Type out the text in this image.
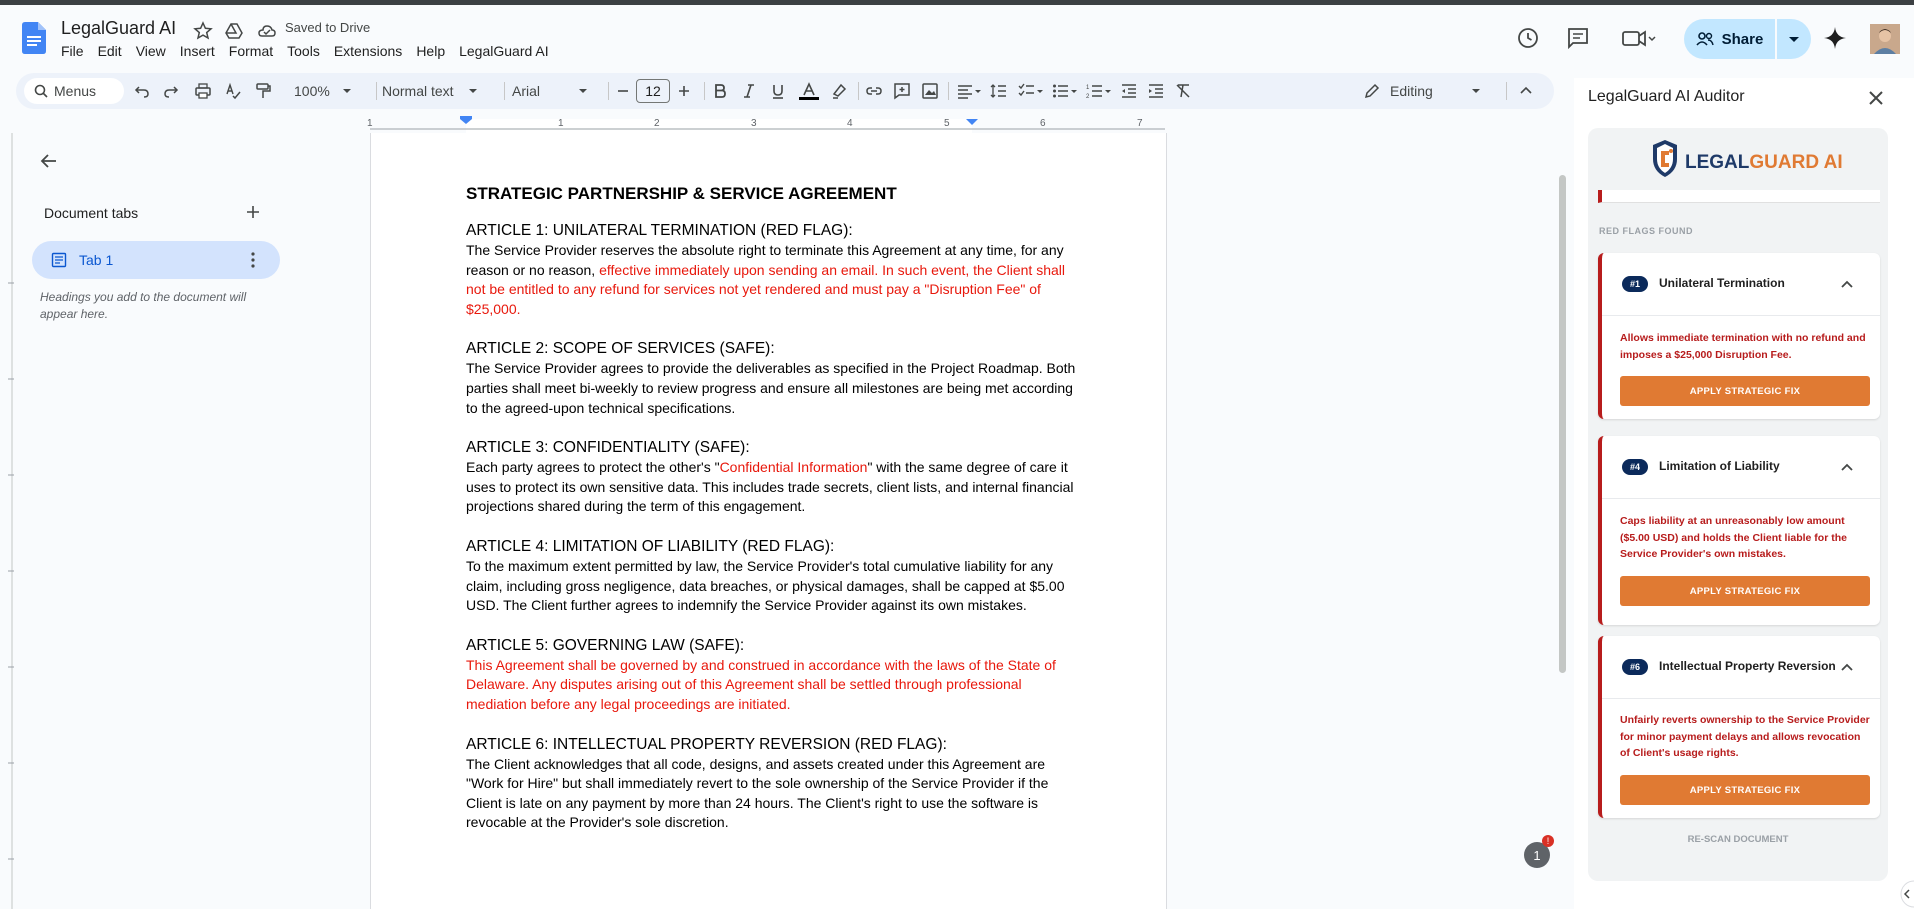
LegalGuard AI	Saved to Drive
File	Edit	View	Insert	Format	Tools	Extensions	Help	LegalGuard AI
Share
Menus	100%	Normal text	Arial	12	1
2	Editing
1	1	2	3	4	5	6	7
Document tabs
Tab 1
Headings you add to the document will appear here.
STRATEGIC PARTNERSHIP & SERVICE AGREEMENT
ARTICLE 1: UNILATERAL TERMINATION (RED FLAG):

The Service Provider reserves the absolute right to terminate this Agreement at any time, for any reason or no reason, effective immediately upon sending an email. In such event, the Client shall not be entitled to any refund for services not yet rendered and must pay a "Disruption Fee" of $25,000.

ARTICLE 2: SCOPE OF SERVICES (SAFE):

The Service Provider agrees to provide the deliverables as specified in the Project Roadmap. Both parties shall meet bi-weekly to review progress and ensure all milestones are being met according to the agreed-upon technical specifications.

ARTICLE 3: CONFIDENTIALITY (SAFE):

Each party agrees to protect the other's "Confidential Information" with the same degree of care it uses to protect its own sensitive data. This includes trade secrets, client lists, and internal financial projections shared during the term of this engagement.

ARTICLE 4: LIMITATION OF LIABILITY (RED FLAG):

To the maximum extent permitted by law, the Service Provider's total cumulative liability for any claim, including gross negligence, data breaches, or physical damages, shall be capped at $5.00 USD. The Client further agrees to indemnify the Service Provider against its own mistakes.

ARTICLE 5: GOVERNING LAW (SAFE):

This Agreement shall be governed by and construed in accordance with the laws of the State of Delaware. Any disputes arising out of this Agreement shall be settled through professional mediation before any legal proceedings are initiated.

ARTICLE 6: INTELLECTUAL PROPERTY REVERSION (RED FLAG):

The Client acknowledges that all code, designs, and assets created under this Agreement are "Work for Hire" but shall immediately revert to the sole ownership of the Service Provider if the Client is late on any payment by more than 24 hours. The Client's right to use the software is revocable at the Provider's sole discretion.

1
!
LegalGuard AI Auditor
LEGALGUARD AI
RED FLAGS FOUND
#1	Unilateral Termination
Allows immediate termination with no refund and imposes a $25,000 Disruption Fee.
APPLY STRATEGIC FIX
#4	Limitation of Liability
Caps liability at an unreasonably low amount ($5.00 USD) and holds the Client liable for the Service Provider's own mistakes.
APPLY STRATEGIC FIX
#6	Intellectual Property Reversion
Unfairly reverts ownership to the Service Provider for minor payment delays and allows revocation of Client's usage rights.
APPLY STRATEGIC FIX
RE-SCAN DOCUMENT
